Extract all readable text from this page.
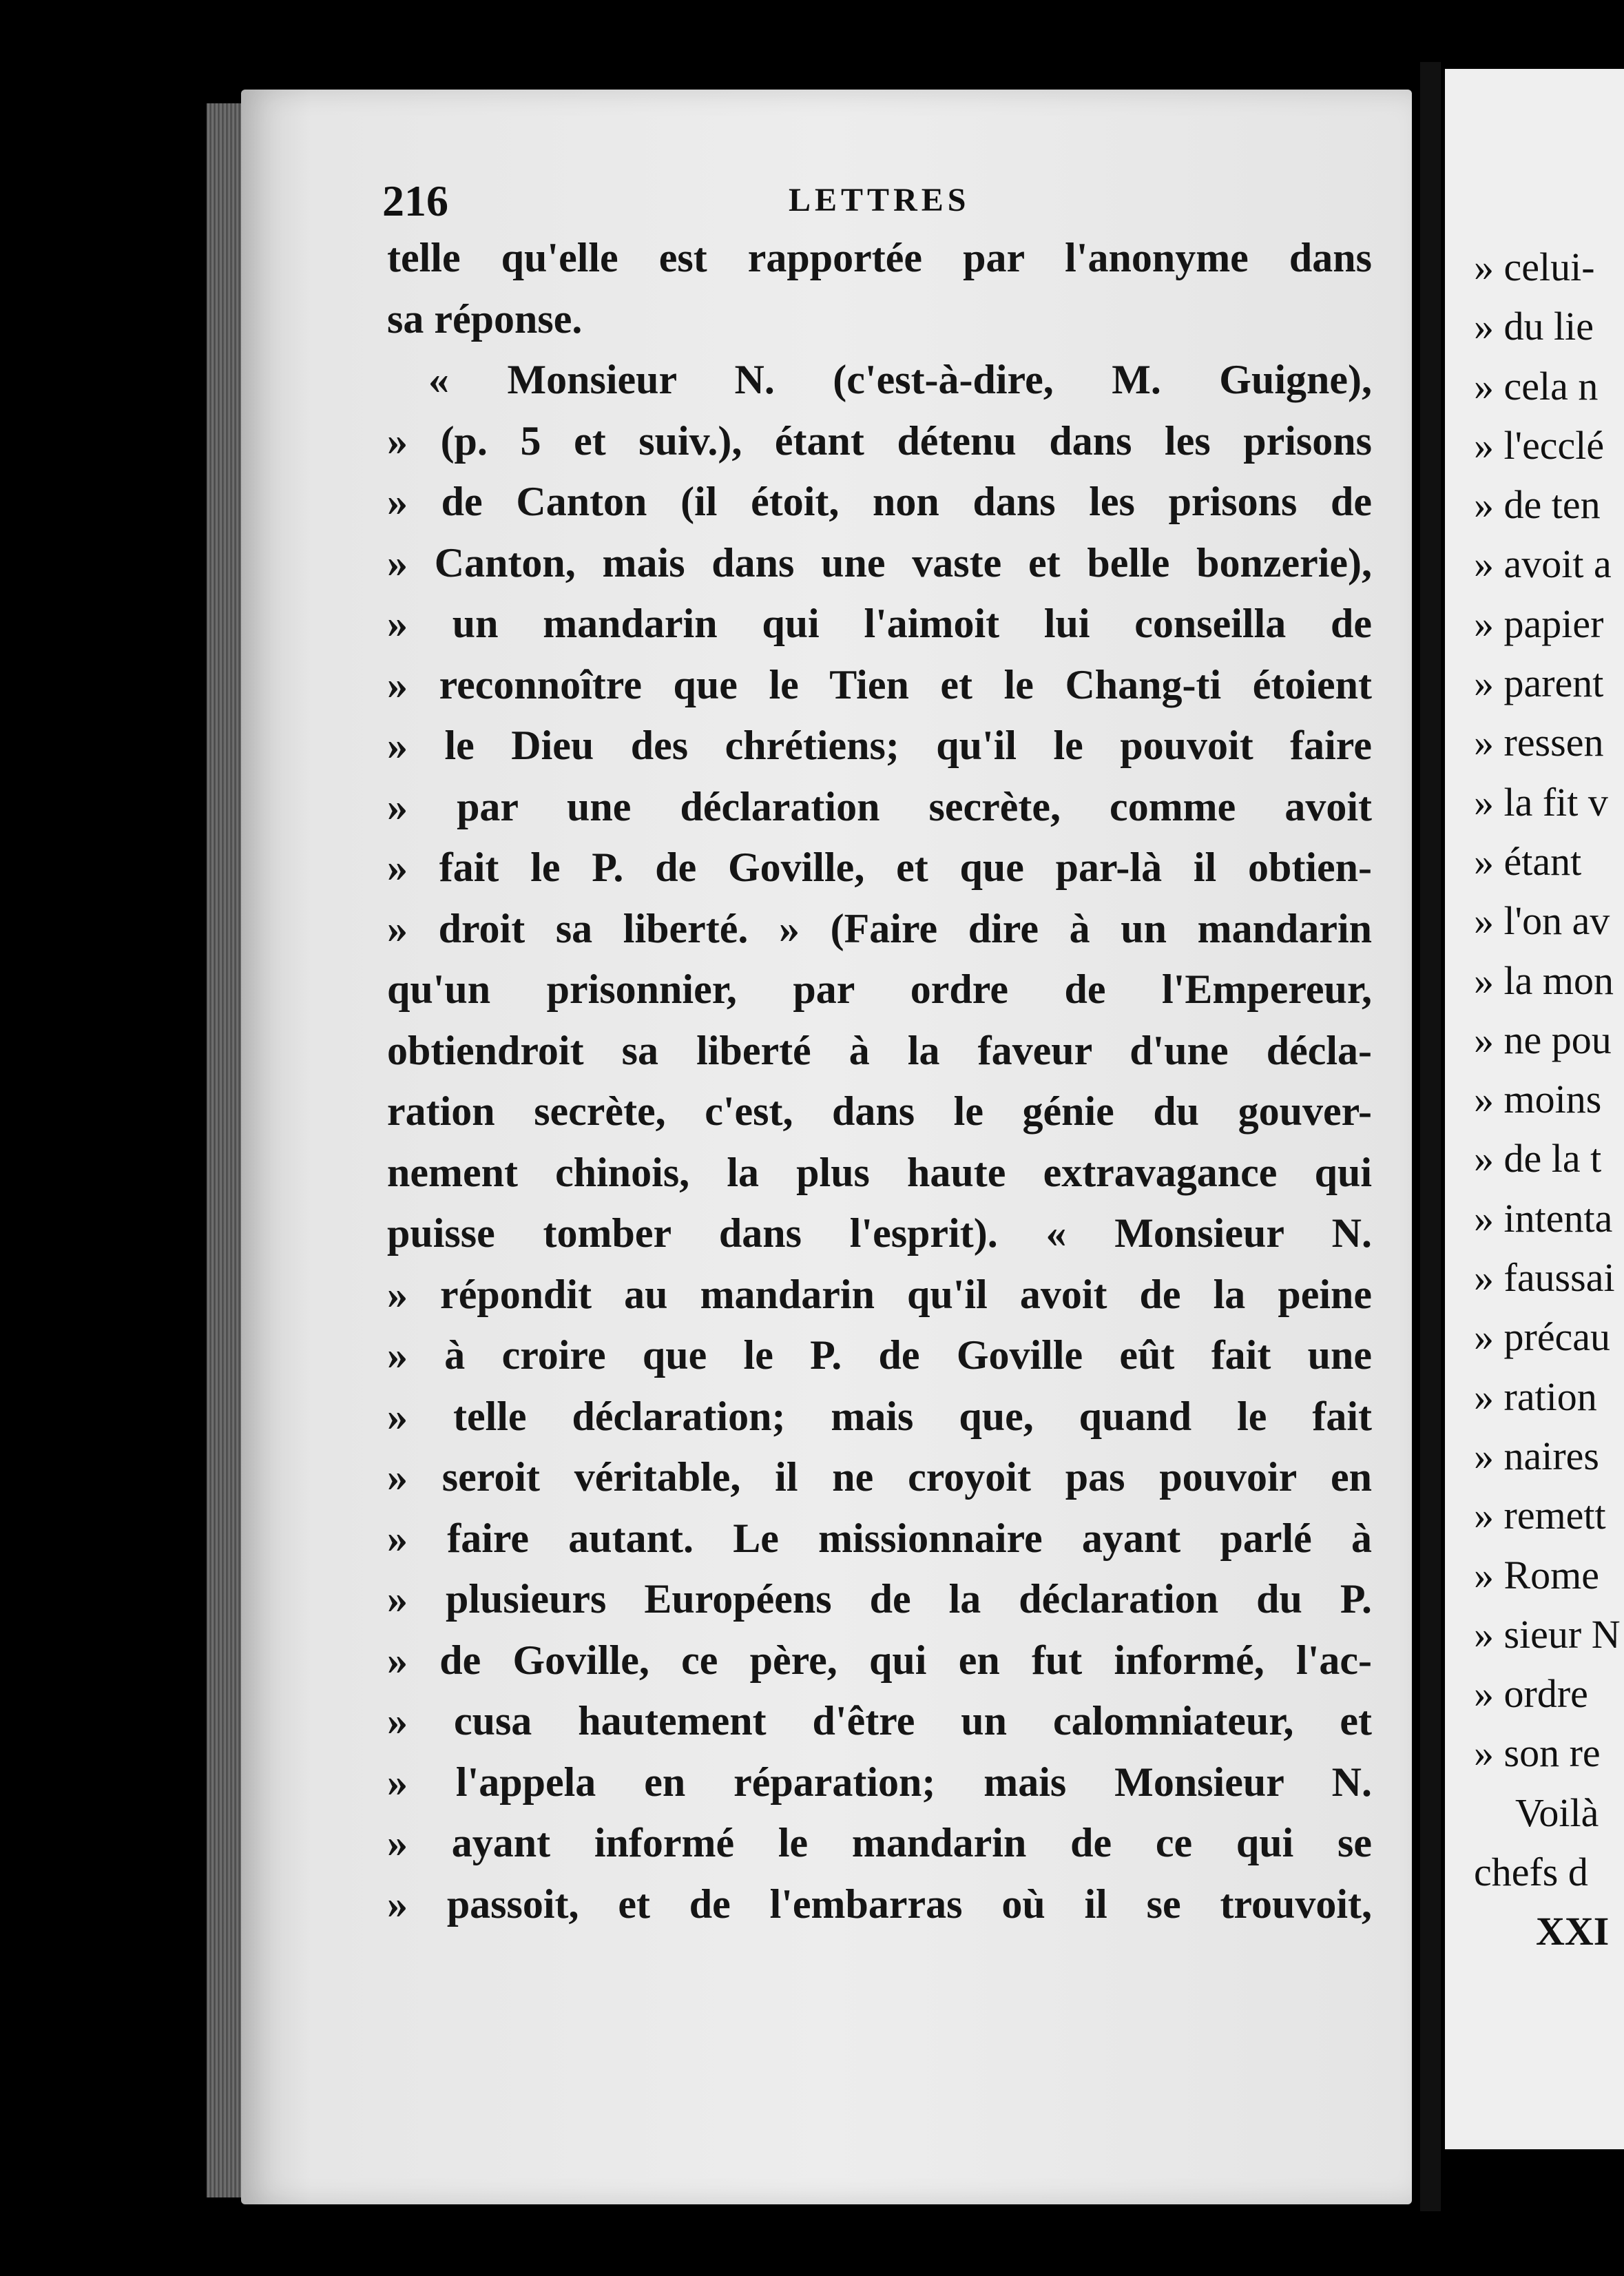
216	LETTRES
telle qu'elle est rapportée par l'anonyme dans
sa réponse.
« Monsieur N. (c'est-à-dire, M. Guigne),
» (p. 5 et suiv.), étant détenu dans les prisons
» de Canton (il étoit, non dans les prisons de
» Canton, mais dans une vaste et belle bonzerie),
» un mandarin qui l'aimoit lui conseilla de
» reconnoître que le Tien et le Chang-ti étoient
» le Dieu des chrétiens; qu'il le pouvoit faire
» par une déclaration secrète, comme avoit
» fait le P. de Goville, et que par-là il obtien-
» droit sa liberté. » (Faire dire à un mandarin
qu'un prisonnier, par ordre de l'Empereur,
obtiendroit sa liberté à la faveur d'une décla-
ration secrète, c'est, dans le génie du gouver-
nement chinois, la plus haute extravagance qui
puisse tomber dans l'esprit). « Monsieur N.
» répondit au mandarin qu'il avoit de la peine
» à croire que le P. de Goville eût fait une
» telle déclaration; mais que, quand le fait
» seroit véritable, il ne croyoit pas pouvoir en
» faire autant. Le missionnaire ayant parlé à
» plusieurs Européens de la déclaration du P.
» de Goville, ce père, qui en fut informé, l'ac-
» cusa hautement d'être un calomniateur, et
» l'appela en réparation; mais Monsieur N.
» ayant informé le mandarin de ce qui se
» passoit, et de l'embarras où il se trouvoit,
» celui-
» du lie
» cela n
» l'ecclé
» de ten
» avoit a
» papier
» parent
» ressen
» la fit v
» étant
» l'on av
» la mon
» ne pou
» moins
» de la t
» intenta
» faussai
» précau
» ration
» naires
» remett
» Rome
» sieur N
» ordre
» son re
Voilà
chefs d
XXI
